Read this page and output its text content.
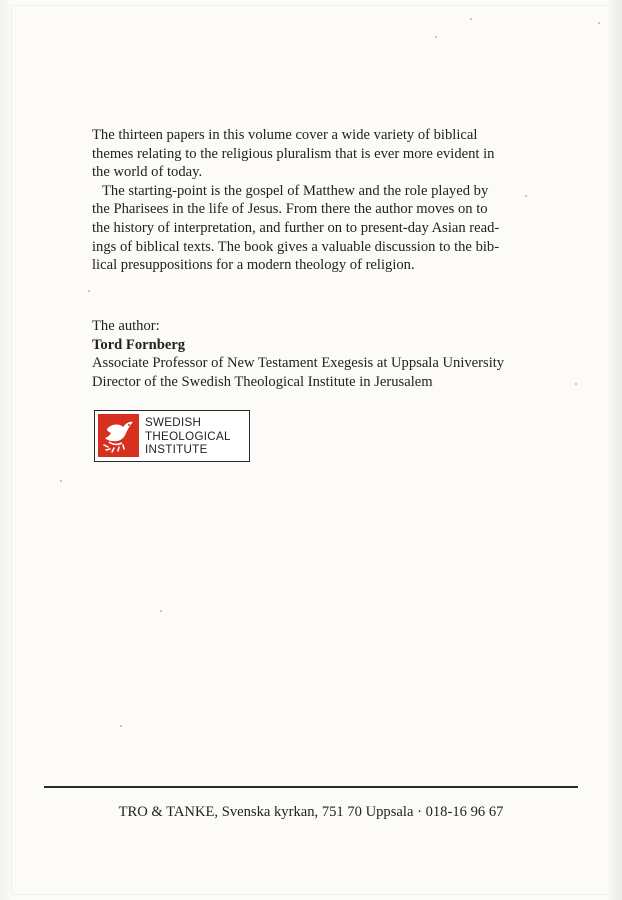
The thirteen papers in this volume cover a wide variety of biblical
themes relating to the religious pluralism that is ever more evident in
the world of today.

The starting-point is the gospel of Matthew and the role played by
the Pharisees in the life of Jesus. From there the author moves on to
the history of interpretation, and further on to present-day Asian read-
ings of biblical texts. The book gives a valuable discussion to the bib-
lical presuppositions for a modern theology of religion.

The author:
Tord Fornberg
Associate Professor of New Testament Exegesis at Uppsala University
Director of the Swedish Theological Institute in Jerusalem
SWEDISH
THEOLOGICAL
INSTITUTE
TRO & TANKE, Svenska kyrkan, 751 70 Uppsala · 018-16 96 67
